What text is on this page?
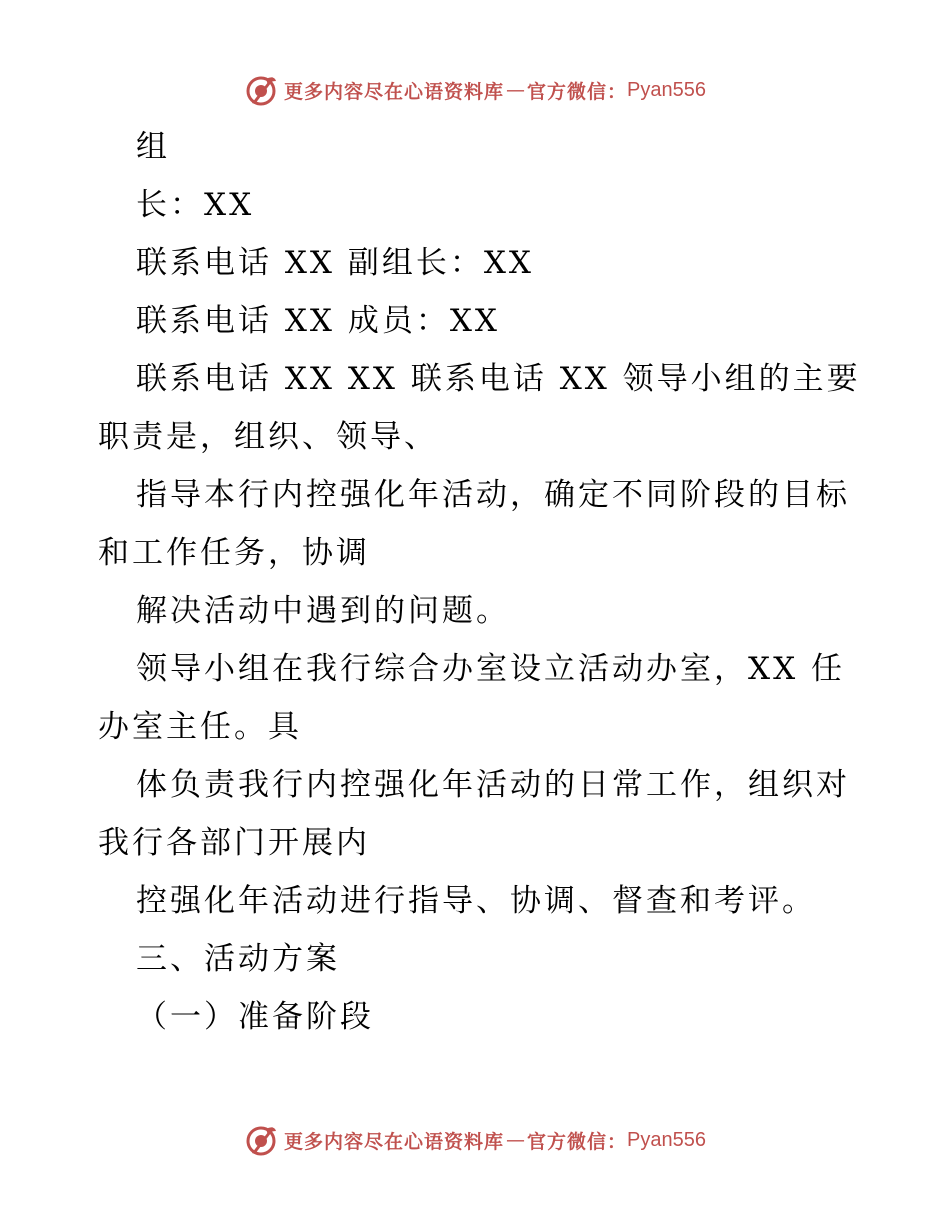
更多内容尽在心语资料库 — 官方微信： Pyan556
组
长：XX
联系电话 XX 副组长：XX
联系电话 XX 成员：XX
联系电话 XX XX 联系电话 XX 领导小组的主要
职责是，组织、领导、
指导本行内控强化年活动，确定不同阶段的目标
和工作任务，协调
解决活动中遇到的问题。
领导小组在我行综合办室设立活动办室，XX 任
办室主任。具
体负责我行内控强化年活动的日常工作，组织对
我行各部门开展内
控强化年活动进行指导、协调、督查和考评。
三、活动方案
（一）准备阶段
更多内容尽在心语资料库 — 官方微信： Pyan556
